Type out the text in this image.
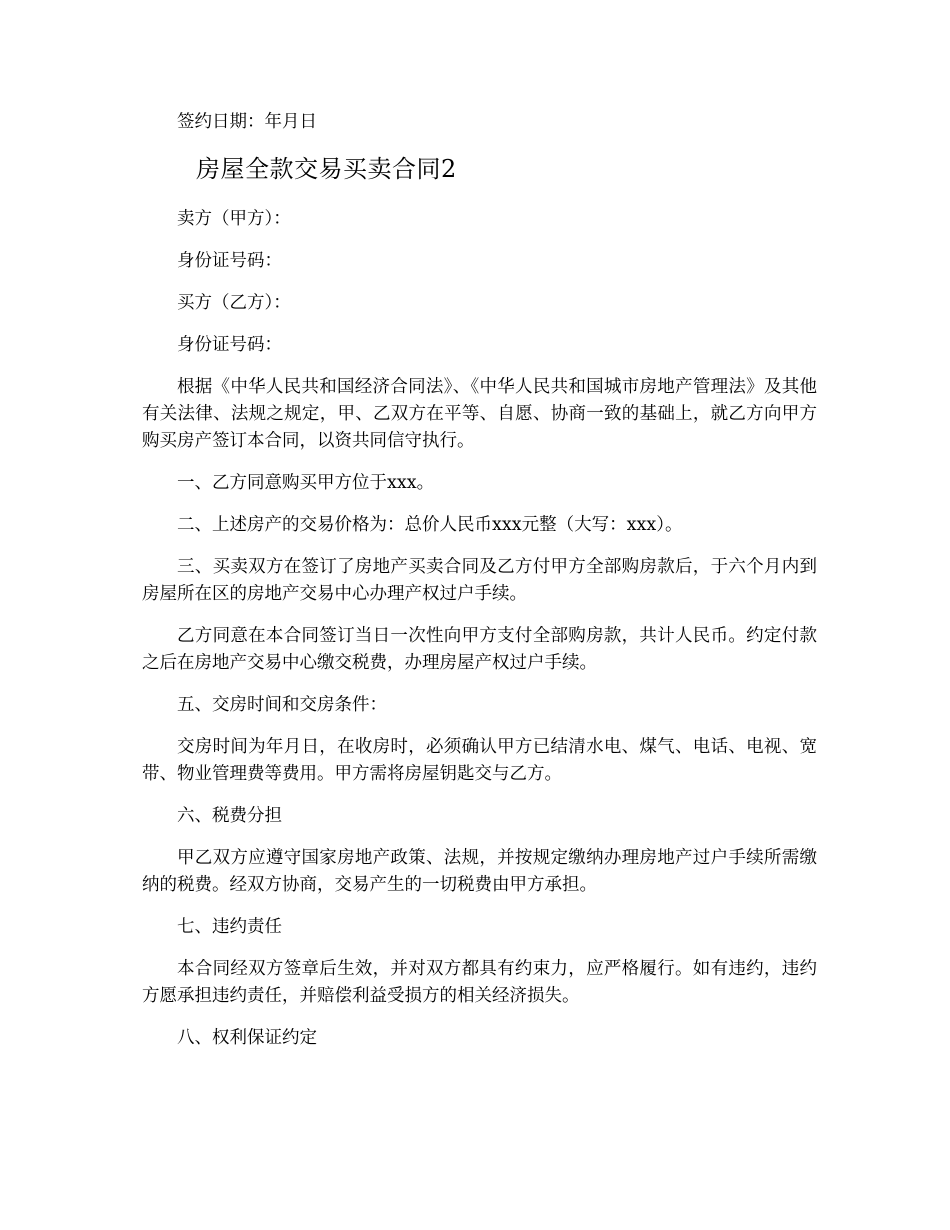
签约日期：年月日
房屋全款交易买卖合同2

卖方（甲方）：

身份证号码：

买方（乙方）：

身份证号码：

根据《中华人民共和国经济合同法》、《中华人民共和国城市房地产管理法》及其他有关法律、法规之规定，甲、乙双方在平等、自愿、协商一致的基础上，就乙方向甲方购买房产签订本合同，以资共同信守执行。

一、乙方同意购买甲方位于xxx。

二、上述房产的交易价格为：总价人民币xxx元整（大写：xxx）。

三、买卖双方在签订了房地产买卖合同及乙方付甲方全部购房款后，于六个月内到房屋所在区的房地产交易中心办理产权过户手续。

乙方同意在本合同签订当日一次性向甲方支付全部购房款，共计人民币。约定付款之后在房地产交易中心缴交税费，办理房屋产权过户手续。

五、交房时间和交房条件：

交房时间为年月日，在收房时，必须确认甲方已结清水电、煤气、电话、电视、宽带、物业管理费等费用。甲方需将房屋钥匙交与乙方。

六、税费分担

甲乙双方应遵守国家房地产政策、法规，并按规定缴纳办理房地产过户手续所需缴纳的税费。经双方协商，交易产生的一切税费由甲方承担。

七、违约责任

本合同经双方签章后生效，并对双方都具有约束力，应严格履行。如有违约，违约方愿承担违约责任，并赔偿利益受损方的相关经济损失。

八、权利保证约定
